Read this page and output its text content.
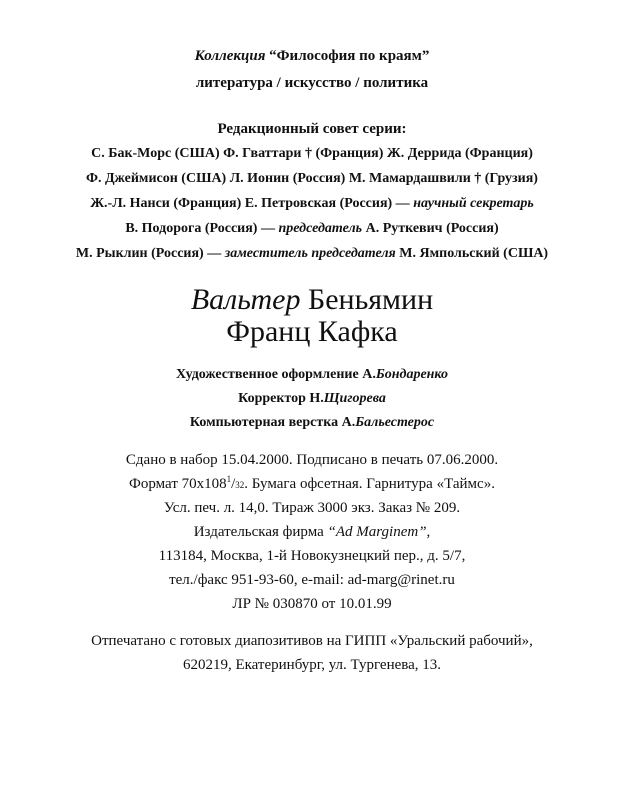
Коллекция “Философия по краям”
литература / искусство / политика
Редакционный совет серии:
С. Бак-Морс (США) Ф. Гваттари † (Франция) Ж. Деррида (Франция)
Ф. Джеймисон (США) Л. Ионин (Россия) М. Мамардашвили † (Грузия)
Ж.-Л. Нанси (Франция) Е. Петровская (Россия) — научный секретарь
В. Подорога (Россия) — председатель А. Руткевич (Россия)
М. Рыклин (Россия) — заместитель председателя М. Ямпольский (США)
Вальтер Беньямин
Франц Кафка
Художественное оформление А.Бондаренко
Корректор Н.Щигорева
Компьютерная верстка А.Бальестерос
Сдано в набор 15.04.2000. Подписано в печать 07.06.2000.
Формат $70x108^1/32$. Бумага офсетная. Гарнитура «Таймс».
Усл. печ. л. 14,0. Тираж 3000 экз. Заказ № 209.
Издательская фирма “Ad Marginem”,
113184, Москва, 1-й Новокузнецкий пер., д. 5/7,
тел./факс 951-93-60, e-mail: ad-marg@rinet.ru
ЛР № 030870 от 10.01.99
Отпечатано с готовых диапозитивов на ГИПП «Уральский рабочий»,
620219, Екатеринбург, ул. Тургенева, 13.
